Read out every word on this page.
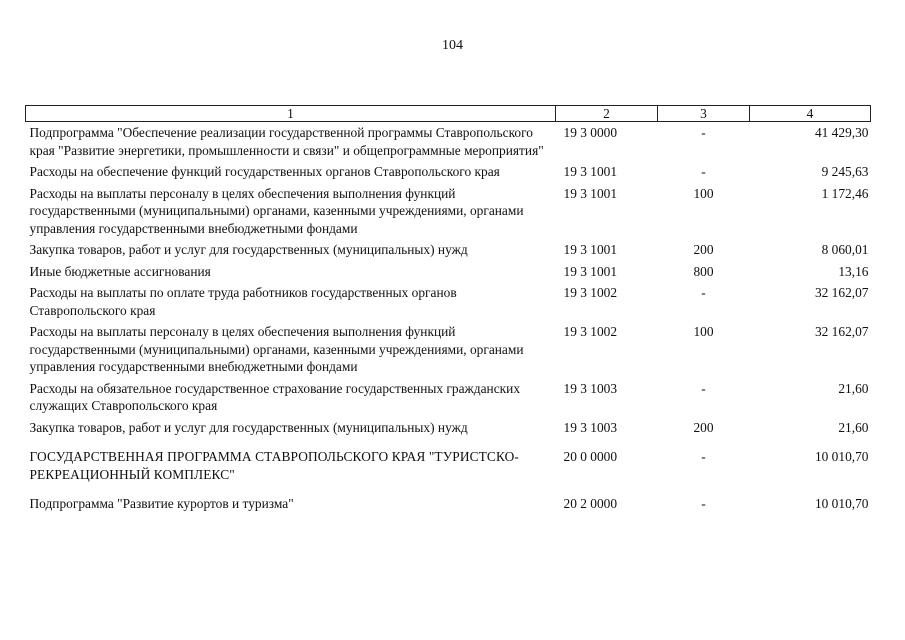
104
1	2	3	4
Подпрограмма "Обеспечение реализации государственной программы Ставропольского края "Развитие энергетики, промышленности и связи" и общепрограммные мероприятия"	19 3 0000	-	41 429,30
Расходы на обеспечение функций государственных органов Ставропольского края	19 3 1001	-	9 245,63
Расходы на выплаты персоналу в целях обеспечения выполнения функций государственными (муниципальными) органами, казенными учреждениями, органами управления государственными внебюджетными фондами	19 3 1001	100	1 172,46
Закупка товаров, работ и услуг для государственных (муниципальных) нужд	19 3 1001	200	8 060,01
Иные бюджетные ассигнования	19 3 1001	800	13,16
Расходы на выплаты по оплате труда работников государственных органов Ставропольского края	19 3 1002	-	32 162,07
Расходы на выплаты персоналу в целях обеспечения выполнения функций государственными (муниципальными) органами, казенными учреждениями, органами управления государственными внебюджетными фондами	19 3 1002	100	32 162,07
Расходы на обязательное государственное страхование государственных гражданских служащих Ставропольского края	19 3 1003	-	21,60
Закупка товаров, работ и услуг для государственных (муниципальных) нужд	19 3 1003	200	21,60
ГОСУДАРСТВЕННАЯ ПРОГРАММА СТАВРОПОЛЬСКОГО КРАЯ "ТУРИСТСКО-РЕКРЕАЦИОННЫЙ КОМПЛЕКС"	20 0 0000	-	10 010,70
Подпрограмма "Развитие курортов и туризма"	20 2 0000	-	10 010,70
